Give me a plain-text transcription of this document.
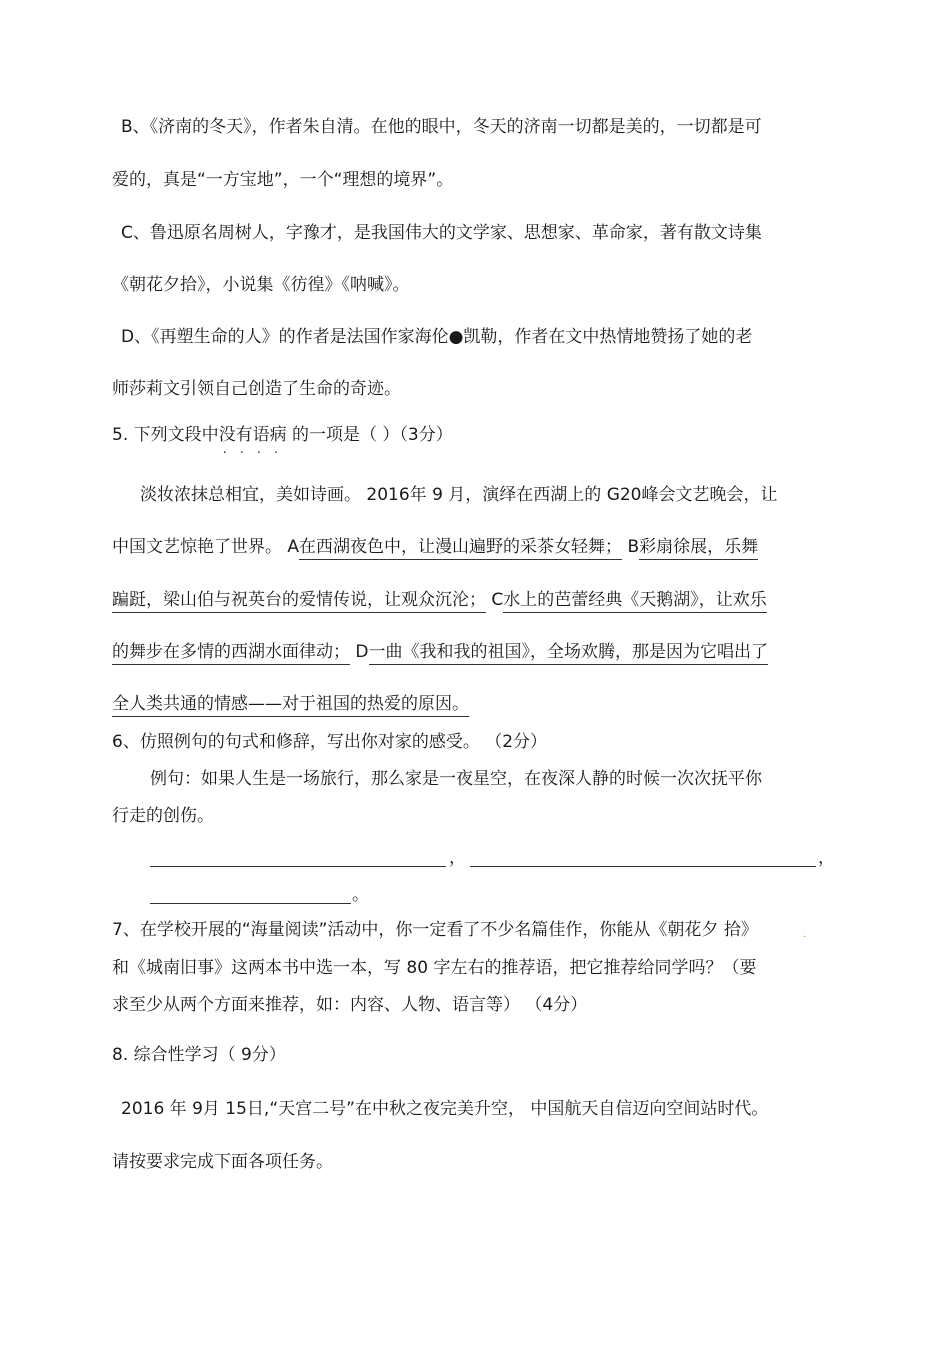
B、《济南的冬天》，作者朱自清。在他的眼中，冬天的济南一切都是美的，一切都是可
爱的，真是“一方宝地”，一个“理想的境界”。
C、鲁迅原名周树人，字豫才，是我国伟大的文学家、思想家、革命家，著有散文诗集
《朝花夕拾》，小说集《彷徨》《呐喊》。
D、《再塑生命的人》的作者是法国作家海伦●凯勒，作者在文中热情地赞扬了她的老
师莎莉文引领自己创造了生命的奇迹。
5. 下列文段中没有语病 · · · · 的一项是（ ）（3分）
淡妆浓抹总相宜，美如诗画。 2016年 9 月，演绎在西湖上的 G20峰会文艺晚会，让
中国文艺惊艳了世界。 A在西湖夜色中，让漫山遍野的采茶女轻舞； B彩扇徐展，乐舞
蹁跹，梁山伯与祝英台的爱情传说，让观众沉沦； C水上的芭蕾经典《天鹅湖》，让欢乐
的舞步在多情的西湖水面律动； D一曲《我和我的祖国》，全场欢腾，那是因为它唱出了
全人类共通的情感——对于祖国的热爱的原因。
6、仿照例句的句式和修辞，写出你对家的感受。 （2分）
例句：如果人生是一场旅行，那么家是一夜星空，在夜深人静的时候一次次抚平你
行走的创伤。
，	，
。
7、在学校开展的“海量阅读”活动中，你一定看了不少名篇佳作，你能从《朝花夕 拾》	.
和《城南旧事》这两本书中选一本，写 80 字左右的推荐语，把它推荐给同学吗？（要
求至少从两个方面来推荐，如：内容、人物、语言等） （4分）
8. 综合性学习（ 9分）
2016 年 9月 15日,“天宫二号”在中秋之夜完美升空， 中国航天自信迈向空间站时代。
请按要求完成下面各项任务。
